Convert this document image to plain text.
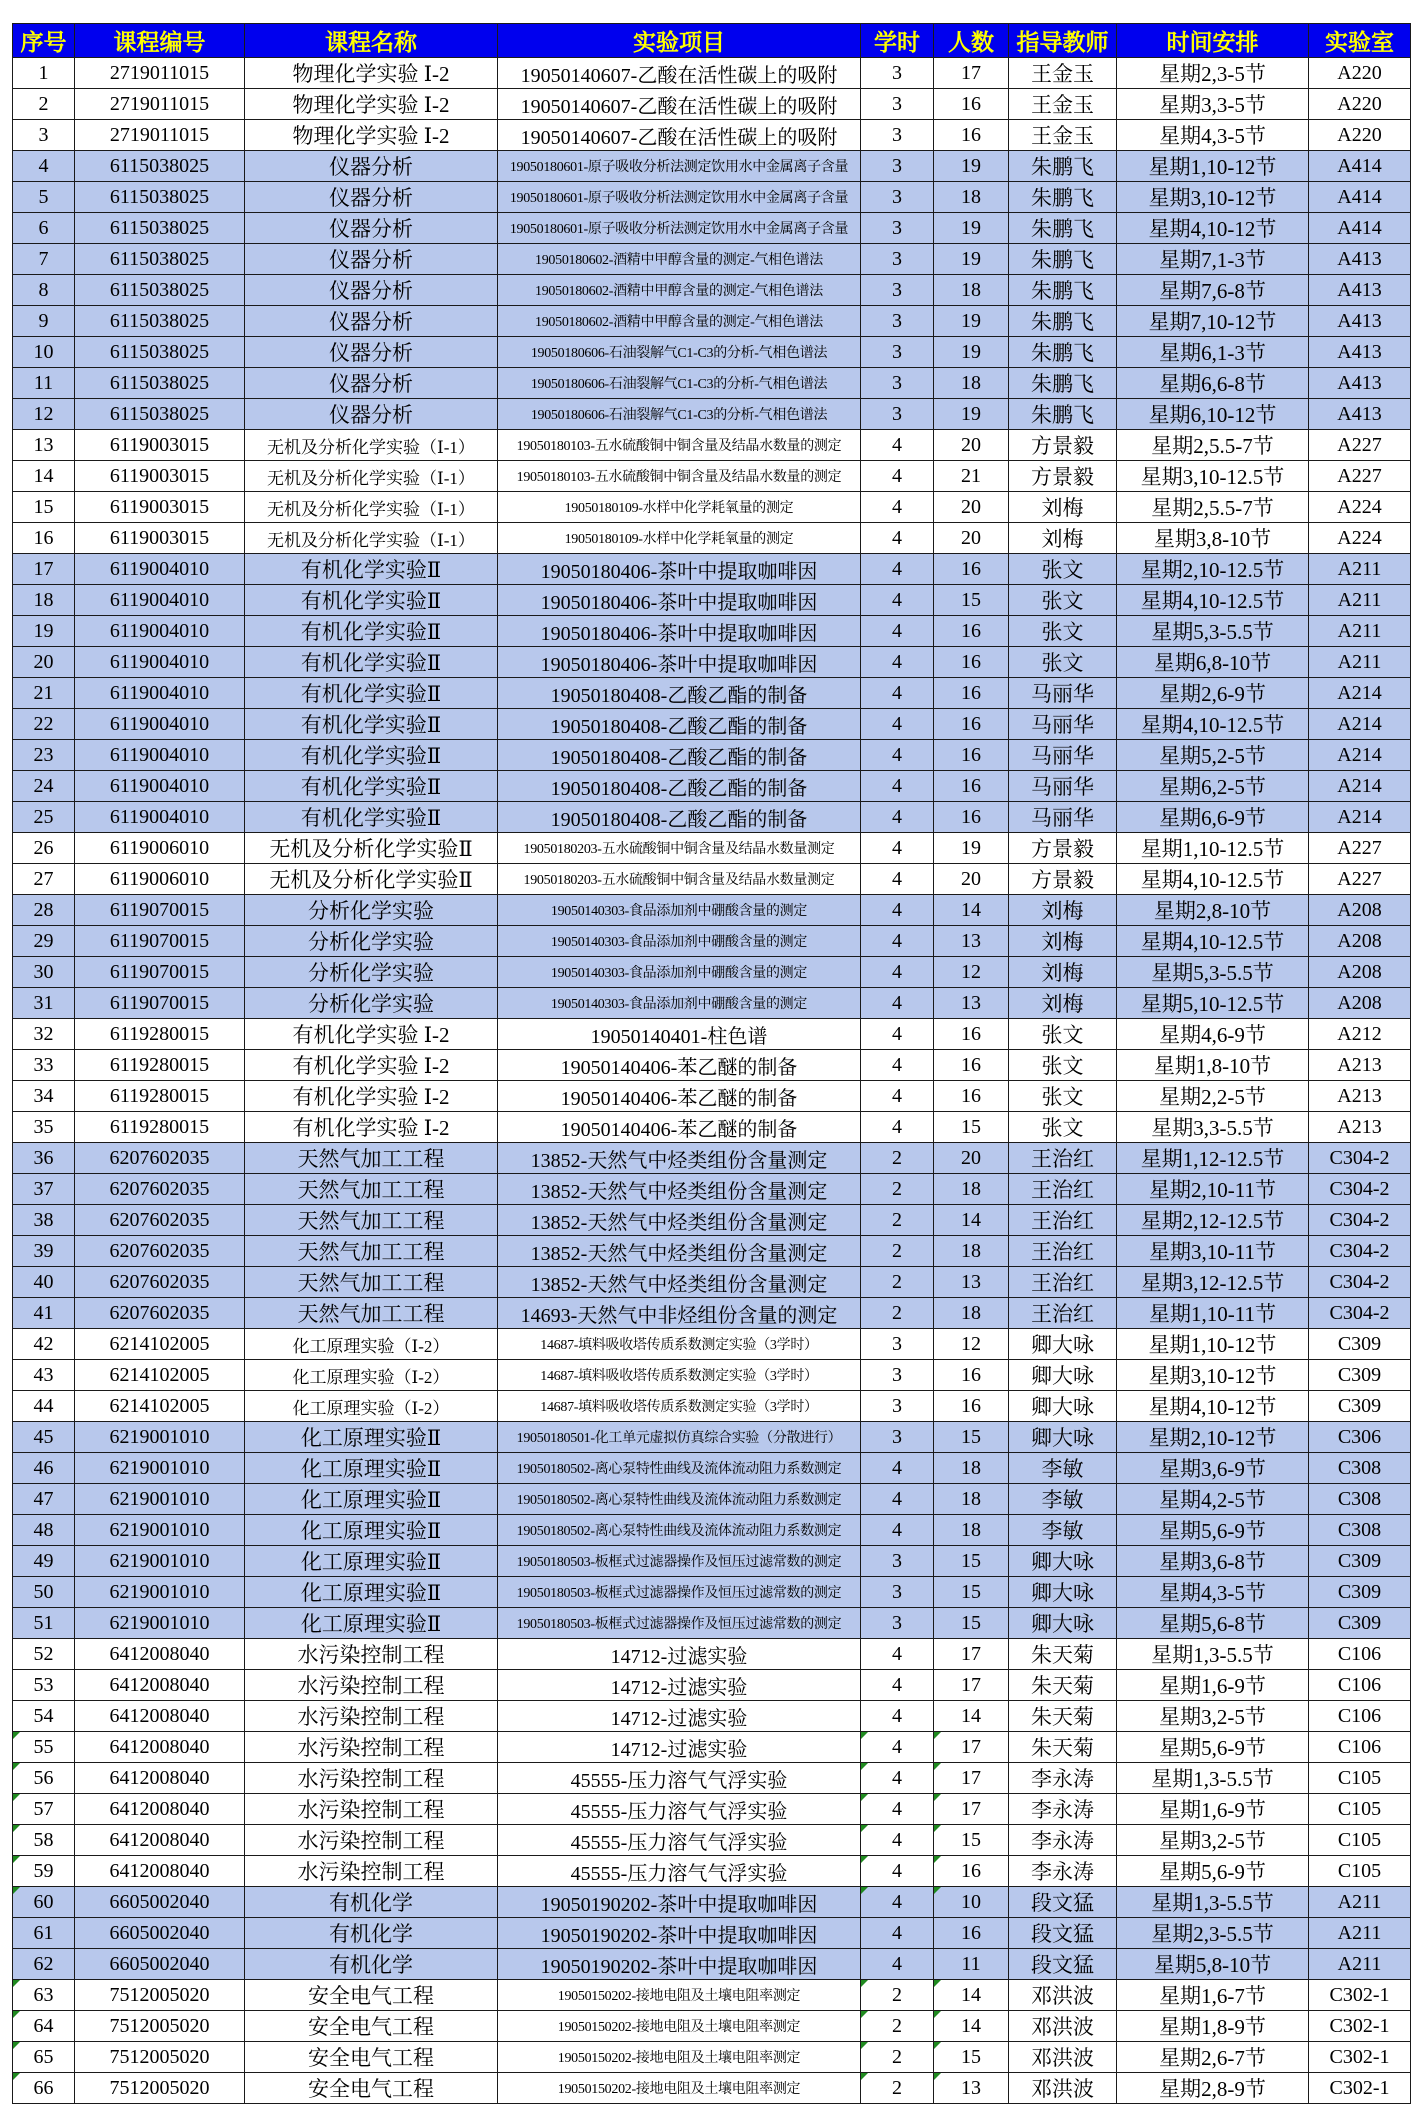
序号	课程编号	课程名称	实验项目	学时	人数	指导教师	时间安排	实验室
1	2719011015	物理化学实验 Ⅰ-2	19050140607-乙酸在活性碳上的吸附	3	17	王金玉	星期2,3-5节	A220
2	2719011015	物理化学实验 Ⅰ-2	19050140607-乙酸在活性碳上的吸附	3	16	王金玉	星期3,3-5节	A220
3	2719011015	物理化学实验 Ⅰ-2	19050140607-乙酸在活性碳上的吸附	3	16	王金玉	星期4,3-5节	A220
4	6115038025	仪器分析	19050180601-原子吸收分析法测定饮用水中金属离子含量	3	19	朱鹏飞	星期1,10-12节	A414
5	6115038025	仪器分析	19050180601-原子吸收分析法测定饮用水中金属离子含量	3	18	朱鹏飞	星期3,10-12节	A414
6	6115038025	仪器分析	19050180601-原子吸收分析法测定饮用水中金属离子含量	3	19	朱鹏飞	星期4,10-12节	A414
7	6115038025	仪器分析	19050180602-酒精中甲醇含量的测定-气相色谱法	3	19	朱鹏飞	星期7,1-3节	A413
8	6115038025	仪器分析	19050180602-酒精中甲醇含量的测定-气相色谱法	3	18	朱鹏飞	星期7,6-8节	A413
9	6115038025	仪器分析	19050180602-酒精中甲醇含量的测定-气相色谱法	3	19	朱鹏飞	星期7,10-12节	A413
10	6115038025	仪器分析	19050180606-石油裂解气C1-C3的分析-气相色谱法	3	19	朱鹏飞	星期6,1-3节	A413
11	6115038025	仪器分析	19050180606-石油裂解气C1-C3的分析-气相色谱法	3	18	朱鹏飞	星期6,6-8节	A413
12	6115038025	仪器分析	19050180606-石油裂解气C1-C3的分析-气相色谱法	3	19	朱鹏飞	星期6,10-12节	A413
13	6119003015	无机及分析化学实验（Ⅰ-1）	19050180103-五水硫酸铜中铜含量及结晶水数量的测定	4	20	方景毅	星期2,5.5-7节	A227
14	6119003015	无机及分析化学实验（Ⅰ-1）	19050180103-五水硫酸铜中铜含量及结晶水数量的测定	4	21	方景毅	星期3,10-12.5节	A227
15	6119003015	无机及分析化学实验（Ⅰ-1）	19050180109-水样中化学耗氧量的测定	4	20	刘梅	星期2,5.5-7节	A224
16	6119003015	无机及分析化学实验（Ⅰ-1）	19050180109-水样中化学耗氧量的测定	4	20	刘梅	星期3,8-10节	A224
17	6119004010	有机化学实验Ⅱ	19050180406-茶叶中提取咖啡因	4	16	张文	星期2,10-12.5节	A211
18	6119004010	有机化学实验Ⅱ	19050180406-茶叶中提取咖啡因	4	15	张文	星期4,10-12.5节	A211
19	6119004010	有机化学实验Ⅱ	19050180406-茶叶中提取咖啡因	4	16	张文	星期5,3-5.5节	A211
20	6119004010	有机化学实验Ⅱ	19050180406-茶叶中提取咖啡因	4	16	张文	星期6,8-10节	A211
21	6119004010	有机化学实验Ⅱ	19050180408-乙酸乙酯的制备	4	16	马丽华	星期2,6-9节	A214
22	6119004010	有机化学实验Ⅱ	19050180408-乙酸乙酯的制备	4	16	马丽华	星期4,10-12.5节	A214
23	6119004010	有机化学实验Ⅱ	19050180408-乙酸乙酯的制备	4	16	马丽华	星期5,2-5节	A214
24	6119004010	有机化学实验Ⅱ	19050180408-乙酸乙酯的制备	4	16	马丽华	星期6,2-5节	A214
25	6119004010	有机化学实验Ⅱ	19050180408-乙酸乙酯的制备	4	16	马丽华	星期6,6-9节	A214
26	6119006010	无机及分析化学实验Ⅱ	19050180203-五水硫酸铜中铜含量及结晶水数量测定	4	19	方景毅	星期1,10-12.5节	A227
27	6119006010	无机及分析化学实验Ⅱ	19050180203-五水硫酸铜中铜含量及结晶水数量测定	4	20	方景毅	星期4,10-12.5节	A227
28	6119070015	分析化学实验	19050140303-食品添加剂中硼酸含量的测定	4	14	刘梅	星期2,8-10节	A208
29	6119070015	分析化学实验	19050140303-食品添加剂中硼酸含量的测定	4	13	刘梅	星期4,10-12.5节	A208
30	6119070015	分析化学实验	19050140303-食品添加剂中硼酸含量的测定	4	12	刘梅	星期5,3-5.5节	A208
31	6119070015	分析化学实验	19050140303-食品添加剂中硼酸含量的测定	4	13	刘梅	星期5,10-12.5节	A208
32	6119280015	有机化学实验 Ⅰ-2	19050140401-柱色谱	4	16	张文	星期4,6-9节	A212
33	6119280015	有机化学实验 Ⅰ-2	19050140406-苯乙醚的制备	4	16	张文	星期1,8-10节	A213
34	6119280015	有机化学实验 Ⅰ-2	19050140406-苯乙醚的制备	4	16	张文	星期2,2-5节	A213
35	6119280015	有机化学实验 Ⅰ-2	19050140406-苯乙醚的制备	4	15	张文	星期3,3-5.5节	A213
36	6207602035	天然气加工工程	13852-天然气中烃类组份含量测定	2	20	王治红	星期1,12-12.5节	C304-2
37	6207602035	天然气加工工程	13852-天然气中烃类组份含量测定	2	18	王治红	星期2,10-11节	C304-2
38	6207602035	天然气加工工程	13852-天然气中烃类组份含量测定	2	14	王治红	星期2,12-12.5节	C304-2
39	6207602035	天然气加工工程	13852-天然气中烃类组份含量测定	2	18	王治红	星期3,10-11节	C304-2
40	6207602035	天然气加工工程	13852-天然气中烃类组份含量测定	2	13	王治红	星期3,12-12.5节	C304-2
41	6207602035	天然气加工工程	14693-天然气中非烃组份含量的测定	2	18	王治红	星期1,10-11节	C304-2
42	6214102005	化工原理实验（Ⅰ-2）	14687-填料吸收塔传质系数测定实验（3学时）	3	12	卿大咏	星期1,10-12节	C309
43	6214102005	化工原理实验（Ⅰ-2）	14687-填料吸收塔传质系数测定实验（3学时）	3	16	卿大咏	星期3,10-12节	C309
44	6214102005	化工原理实验（Ⅰ-2）	14687-填料吸收塔传质系数测定实验（3学时）	3	16	卿大咏	星期4,10-12节	C309
45	6219001010	化工原理实验Ⅱ	19050180501-化工单元虚拟仿真综合实验（分散进行）	3	15	卿大咏	星期2,10-12节	C306
46	6219001010	化工原理实验Ⅱ	19050180502-离心泵特性曲线及流体流动阻力系数测定	4	18	李敏	星期3,6-9节	C308
47	6219001010	化工原理实验Ⅱ	19050180502-离心泵特性曲线及流体流动阻力系数测定	4	18	李敏	星期4,2-5节	C308
48	6219001010	化工原理实验Ⅱ	19050180502-离心泵特性曲线及流体流动阻力系数测定	4	18	李敏	星期5,6-9节	C308
49	6219001010	化工原理实验Ⅱ	19050180503-板框式过滤器操作及恒压过滤常数的测定	3	15	卿大咏	星期3,6-8节	C309
50	6219001010	化工原理实验Ⅱ	19050180503-板框式过滤器操作及恒压过滤常数的测定	3	15	卿大咏	星期4,3-5节	C309
51	6219001010	化工原理实验Ⅱ	19050180503-板框式过滤器操作及恒压过滤常数的测定	3	15	卿大咏	星期5,6-8节	C309
52	6412008040	水污染控制工程	14712-过滤实验	4	17	朱天菊	星期1,3-5.5节	C106
53	6412008040	水污染控制工程	14712-过滤实验	4	17	朱天菊	星期1,6-9节	C106
54	6412008040	水污染控制工程	14712-过滤实验	4	14	朱天菊	星期3,2-5节	C106
55	6412008040	水污染控制工程	14712-过滤实验	4	17	朱天菊	星期5,6-9节	C106
56	6412008040	水污染控制工程	45555-压力溶气气浮实验	4	17	李永涛	星期1,3-5.5节	C105
57	6412008040	水污染控制工程	45555-压力溶气气浮实验	4	17	李永涛	星期1,6-9节	C105
58	6412008040	水污染控制工程	45555-压力溶气气浮实验	4	15	李永涛	星期3,2-5节	C105
59	6412008040	水污染控制工程	45555-压力溶气气浮实验	4	16	李永涛	星期5,6-9节	C105
60	6605002040	有机化学	19050190202-茶叶中提取咖啡因	4	10	段文猛	星期1,3-5.5节	A211
61	6605002040	有机化学	19050190202-茶叶中提取咖啡因	4	16	段文猛	星期2,3-5.5节	A211
62	6605002040	有机化学	19050190202-茶叶中提取咖啡因	4	11	段文猛	星期5,8-10节	A211
63	7512005020	安全电气工程	19050150202-接地电阻及土壤电阻率测定	2	14	邓洪波	星期1,6-7节	C302-1
64	7512005020	安全电气工程	19050150202-接地电阻及土壤电阻率测定	2	14	邓洪波	星期1,8-9节	C302-1
65	7512005020	安全电气工程	19050150202-接地电阻及土壤电阻率测定	2	15	邓洪波	星期2,6-7节	C302-1
66	7512005020	安全电气工程	19050150202-接地电阻及土壤电阻率测定	2	13	邓洪波	星期2,8-9节	C302-1
